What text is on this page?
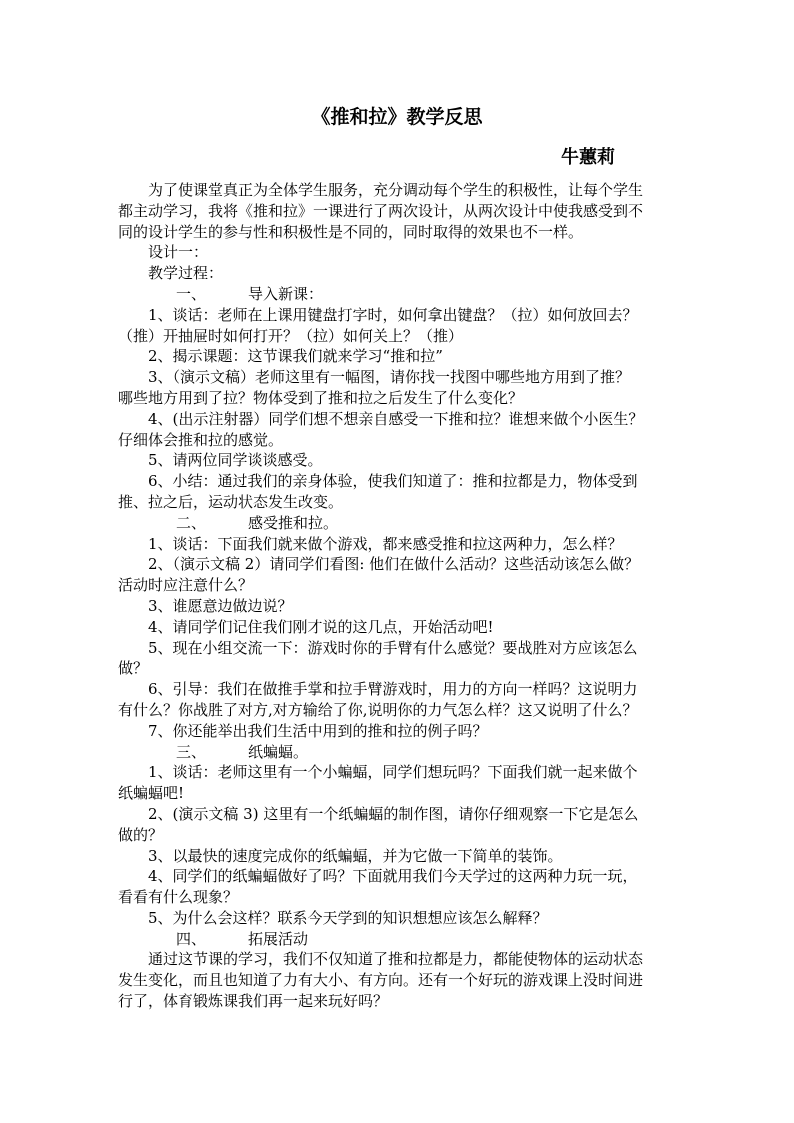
《推和拉》教学反思
牛蕙莉
为了使课堂真正为全体学生服务，充分调动每个学生的积极性，让每个学生
都主动学习，我将《推和拉》一课进行了两次设计，从两次设计中使我感受到不
同的设计学生的参与性和积极性是不同的，同时取得的效果也不一样。
设计一：
教学过程：
一、	导入新课：
1、谈话：老师在上课用键盘打字时，如何拿出键盘？（拉）如何放回去？
（推）开抽屉时如何打开？（拉）如何关上？（推）
2、揭示课题：这节课我们就来学习“推和拉”
3、（演示文稿）老师这里有一幅图，请你找一找图中哪些地方用到了推？
哪些地方用到了拉？物体受到了推和拉之后发生了什么变化？
4、(出示注射器）同学们想不想亲自感受一下推和拉？谁想来做个小医生？
仔细体会推和拉的感觉。
5、请两位同学谈谈感受。
6、小结：通过我们的亲身体验，使我们知道了：推和拉都是力，物体受到
推、拉之后，运动状态发生改变。
二、	感受推和拉。
1、谈话：下面我们就来做个游戏，都来感受推和拉这两种力，怎么样？
2、（演示文稿 2）请同学们看图: 他们在做什么活动？这些活动该怎么做？
活动时应注意什么？
3、谁愿意边做边说？
4、请同学们记住我们刚才说的这几点，开始活动吧!
5、现在小组交流一下：游戏时你的手臂有什么感觉？要战胜对方应该怎么
做？
6、引导：我们在做推手掌和拉手臂游戏时，用力的方向一样吗？这说明力
有什么？你战胜了对方,对方输给了你,说明你的力气怎么样？这又说明了什么？
7、你还能举出我们生活中用到的推和拉的例子吗？
三、	纸蝙蝠。
1、谈话：老师这里有一个小蝙蝠，同学们想玩吗？下面我们就一起来做个
纸蝙蝠吧!
2、(演示文稿 3) 这里有一个纸蝙蝠的制作图，请你仔细观察一下它是怎么
做的？
3、以最快的速度完成你的纸蝙蝠，并为它做一下简单的装饰。
4、同学们的纸蝙蝠做好了吗？下面就用我们今天学过的这两种力玩一玩，
看看有什么现象？
5、为什么会这样？联系今天学到的知识想想应该怎么解释？
四、	拓展活动
通过这节课的学习，我们不仅知道了推和拉都是力，都能使物体的运动状态
发生变化，而且也知道了力有大小、有方向。还有一个好玩的游戏课上没时间进
行了，体育锻炼课我们再一起来玩好吗？
